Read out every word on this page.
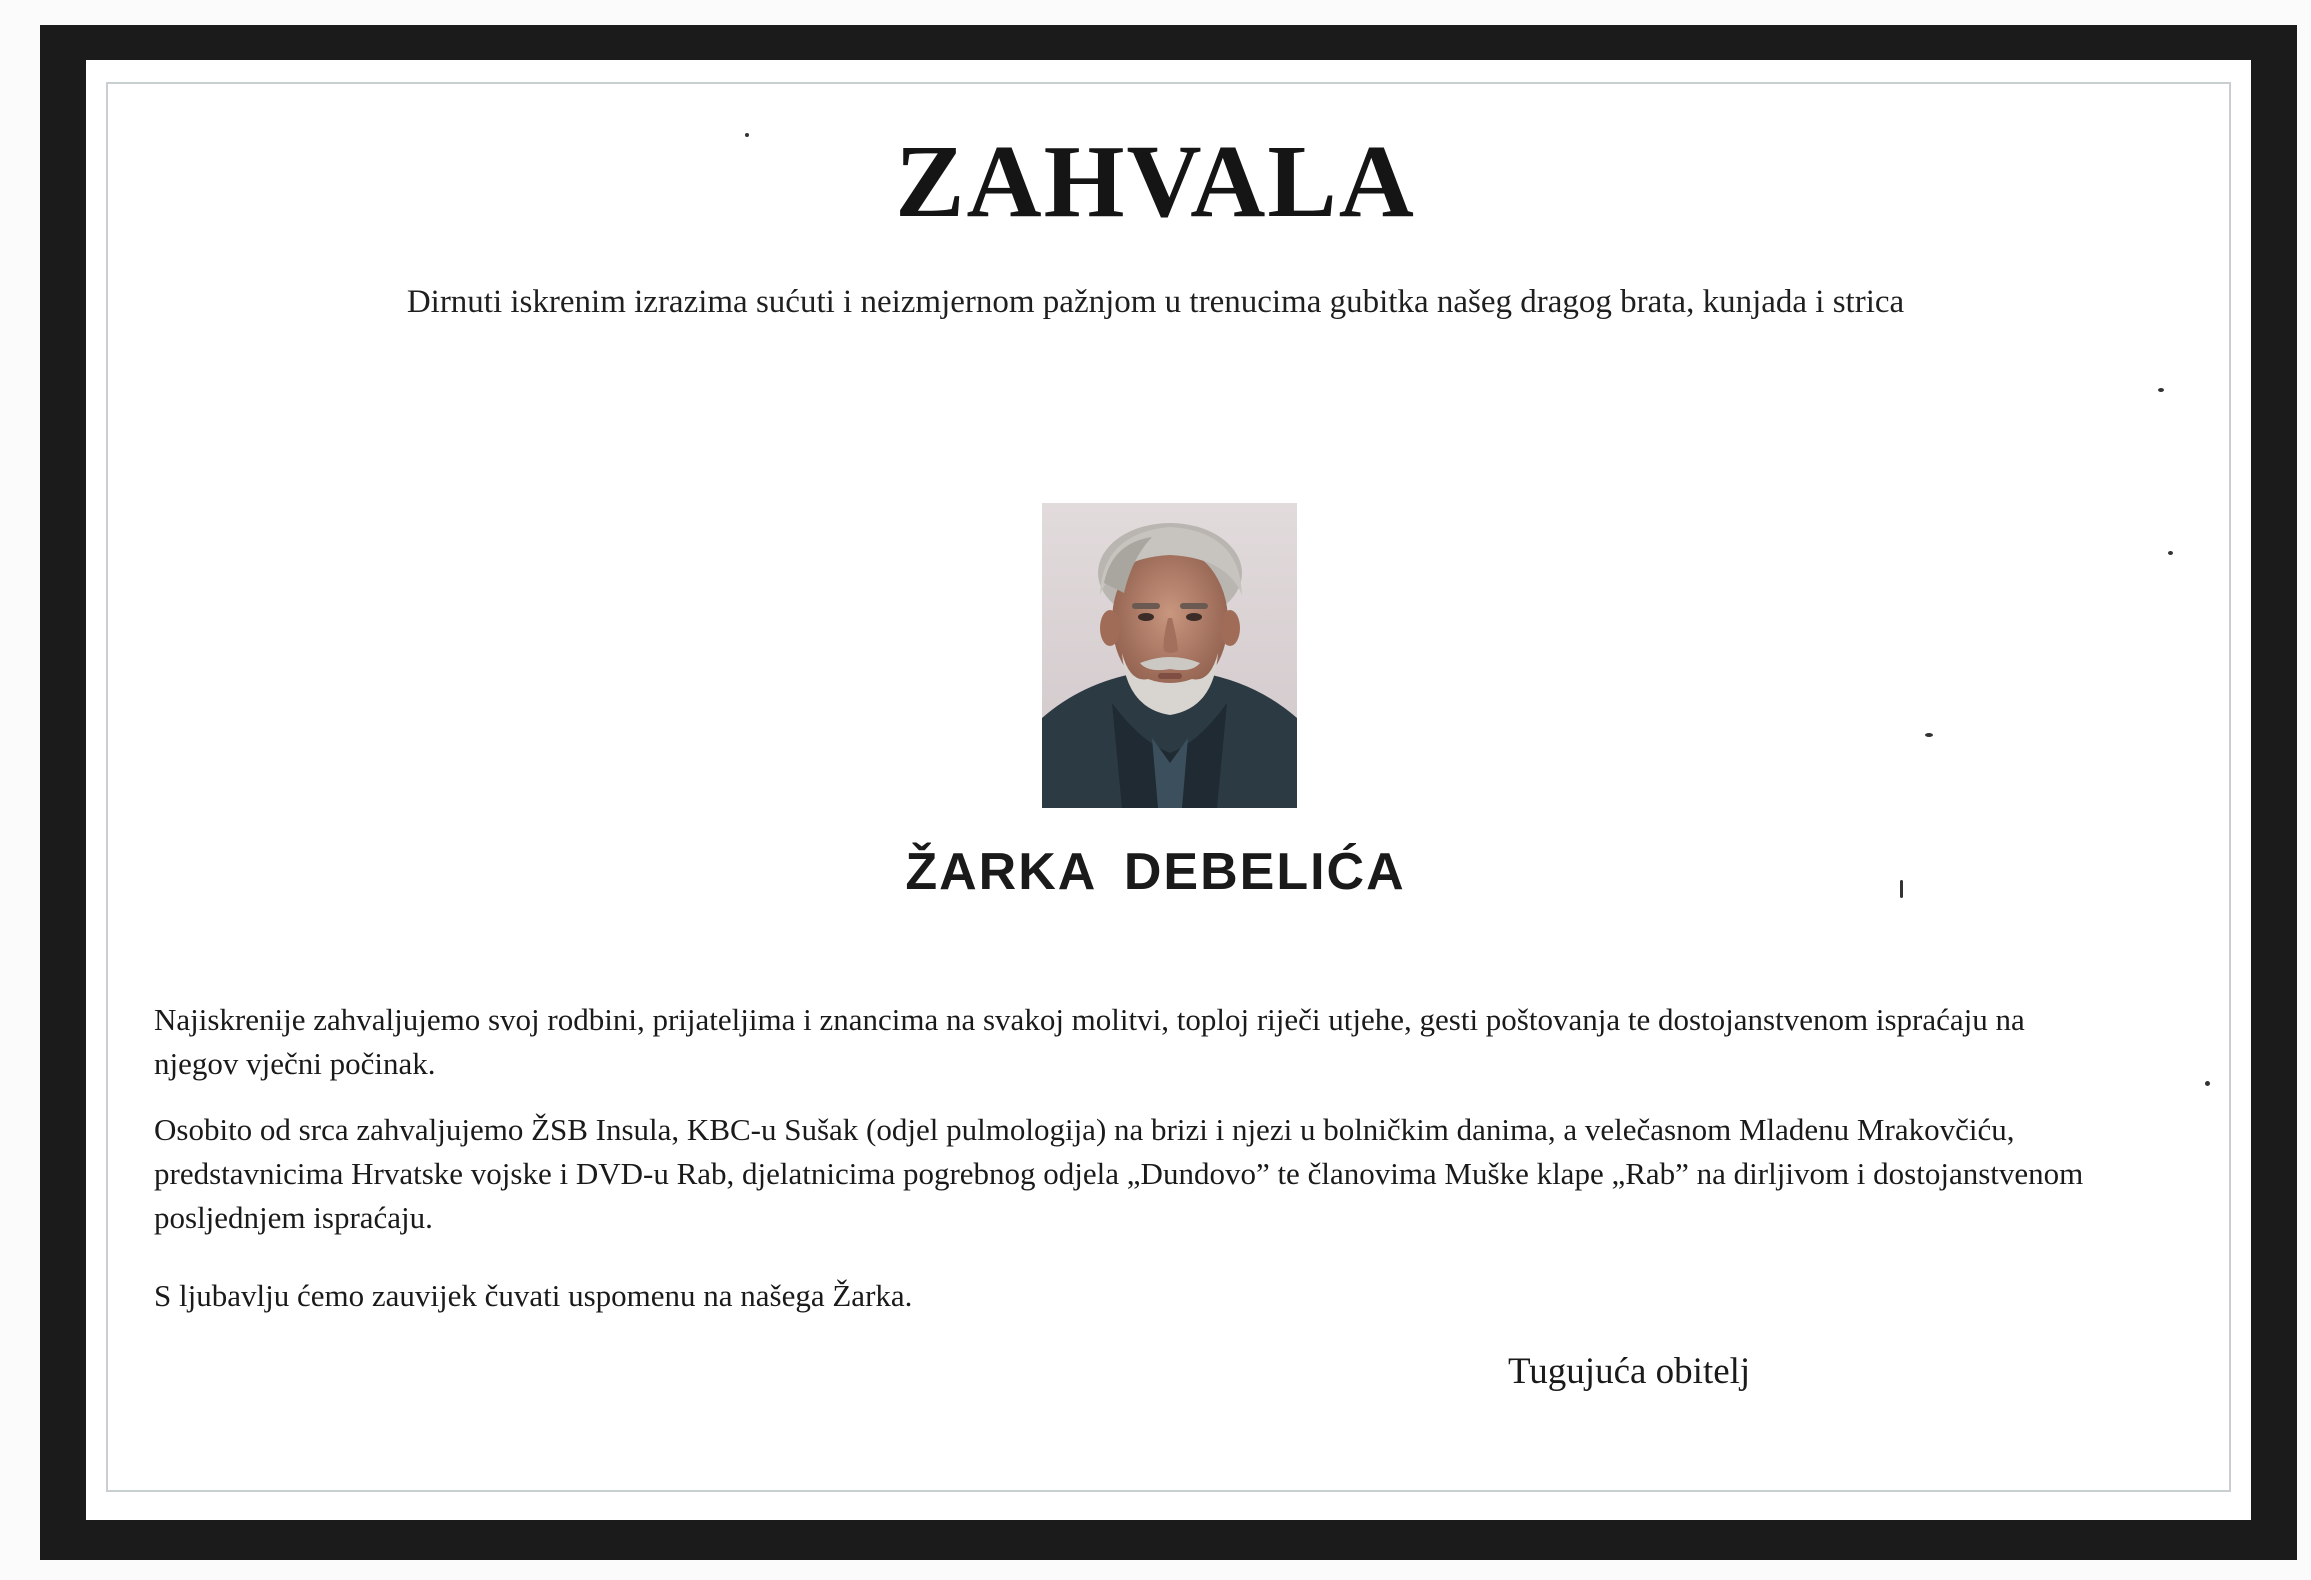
ZAHVALA
Dirnuti iskrenim izrazima sućuti i neizmjernom pažnjom u trenucima gubitka našeg dragog brata, kunjada i strica
ŽARKA DEBELIĆA
Najiskrenije zahvaljujemo svoj rodbini, prijateljima i znancima na svakoj molitvi, toploj riječi utjehe, gesti poštovanja te dostojanstvenom ispraćaju na njegov vječni počinak.
Osobito od srca zahvaljujemo ŽSB Insula, KBC-u Sušak (odjel pulmologija) na brizi i njezi u bolničkim danima, a velečasnom Mladenu Mrakovčiću, predstavnicima Hrvatske vojske i DVD-u Rab, djelatnicima pogrebnog odjela „Dundovo” te članovima Muške klape „Rab” na dirljivom i dostojanstvenom posljednjem ispraćaju.
S ljubavlju ćemo zauvijek čuvati uspomenu na našega Žarka.
Tugujuća obitelj
